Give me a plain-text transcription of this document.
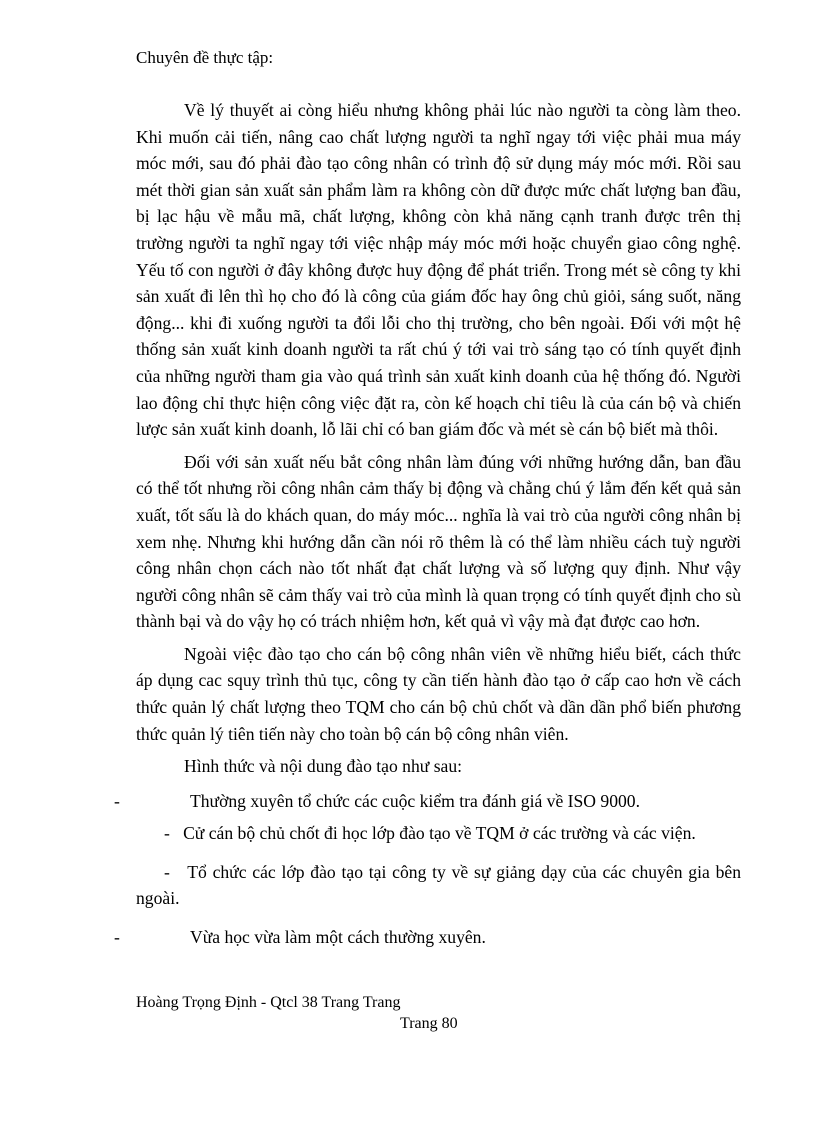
Chuyên đề thực tập:

Về lý thuyết ai còng hiểu nhưng không phải lúc nào người ta còng làm theo. Khi muốn cải tiến, nâng cao chất lượng người ta nghĩ ngay tới việc phải mua máy móc mới, sau đó phải đào tạo công nhân có trình độ sử dụng máy móc mới. Rồi sau mét thời gian sản xuất sản phẩm làm ra không còn dữ được mức chất lượng ban đầu, bị lạc hậu về mẫu mã, chất lượng, không còn khả năng cạnh tranh được trên thị trường người ta nghĩ ngay tới việc nhập máy móc mới hoặc chuyển giao công nghệ. Yếu tố con người ở đây không được huy động để phát triển. Trong mét sè công ty khi sản xuất đi lên thì họ cho đó là công của giám đốc hay ông chủ giỏi, sáng suốt, năng động... khi đi xuống người ta đổi lỗi cho thị trường, cho bên ngoài. Đối với một hệ thống sản xuất kinh doanh người ta rất chú ý tới vai trò sáng tạo có tính quyết định của những người tham gia vào quá trình sản xuất kinh doanh của hệ thống đó. Người lao động chỉ thực hiện công việc đặt ra, còn kế hoạch chỉ tiêu là của cán bộ và chiến lược sản xuất kinh doanh, lỗ lãi chỉ có ban giám đốc và mét sè cán bộ biết mà thôi.

Đối với sản xuất nếu bắt công nhân làm đúng với những hướng dẫn, ban đầu có thể tốt nhưng rồi công nhân cảm thấy bị động và chẳng chú ý lắm đến kết quả sản xuất, tốt sấu là do khách quan, do máy móc... nghĩa là vai trò của người công nhân bị xem nhẹ. Nhưng khi hướng dẫn cần nói rõ thêm là có thể làm nhiều cách tuỳ người công nhân chọn cách nào tốt nhất đạt chất lượng và số lượng quy định. Như vậy người công nhân sẽ cảm thấy vai trò của mình là quan trọng có tính quyết định cho sù thành bại và do vậy họ có trách nhiệm hơn, kết quả vì vậy mà đạt được cao hơn.

Ngoài việc đào tạo cho cán bộ công nhân viên về những hiểu biết, cách thức áp dụng cac squy trình thủ tục, công ty cần tiến hành đào tạo ở cấp cao hơn về cách thức quản lý chất lượng theo TQM cho cán bộ chủ chốt và dần dần phổ biến phương thức quản lý tiên tiến này cho toàn bộ cán bộ công nhân viên.

Hình thức và nội dung đào tạo như sau:

-	Thường xuyên tổ chức các cuộc kiểm tra đánh giá về ISO 9000.
- Cử cán bộ chủ chốt đi học lớp đào tạo về TQM ở các trường và các viện.
- Tổ chức các lớp đào tạo tại công ty về sự giảng dạy của các chuyên gia bên ngoài.
-	Vừa học vừa làm một cách thường xuyên.
Hoàng Trọng Định - Qtcl 38 Trang Trang
Trang 80
